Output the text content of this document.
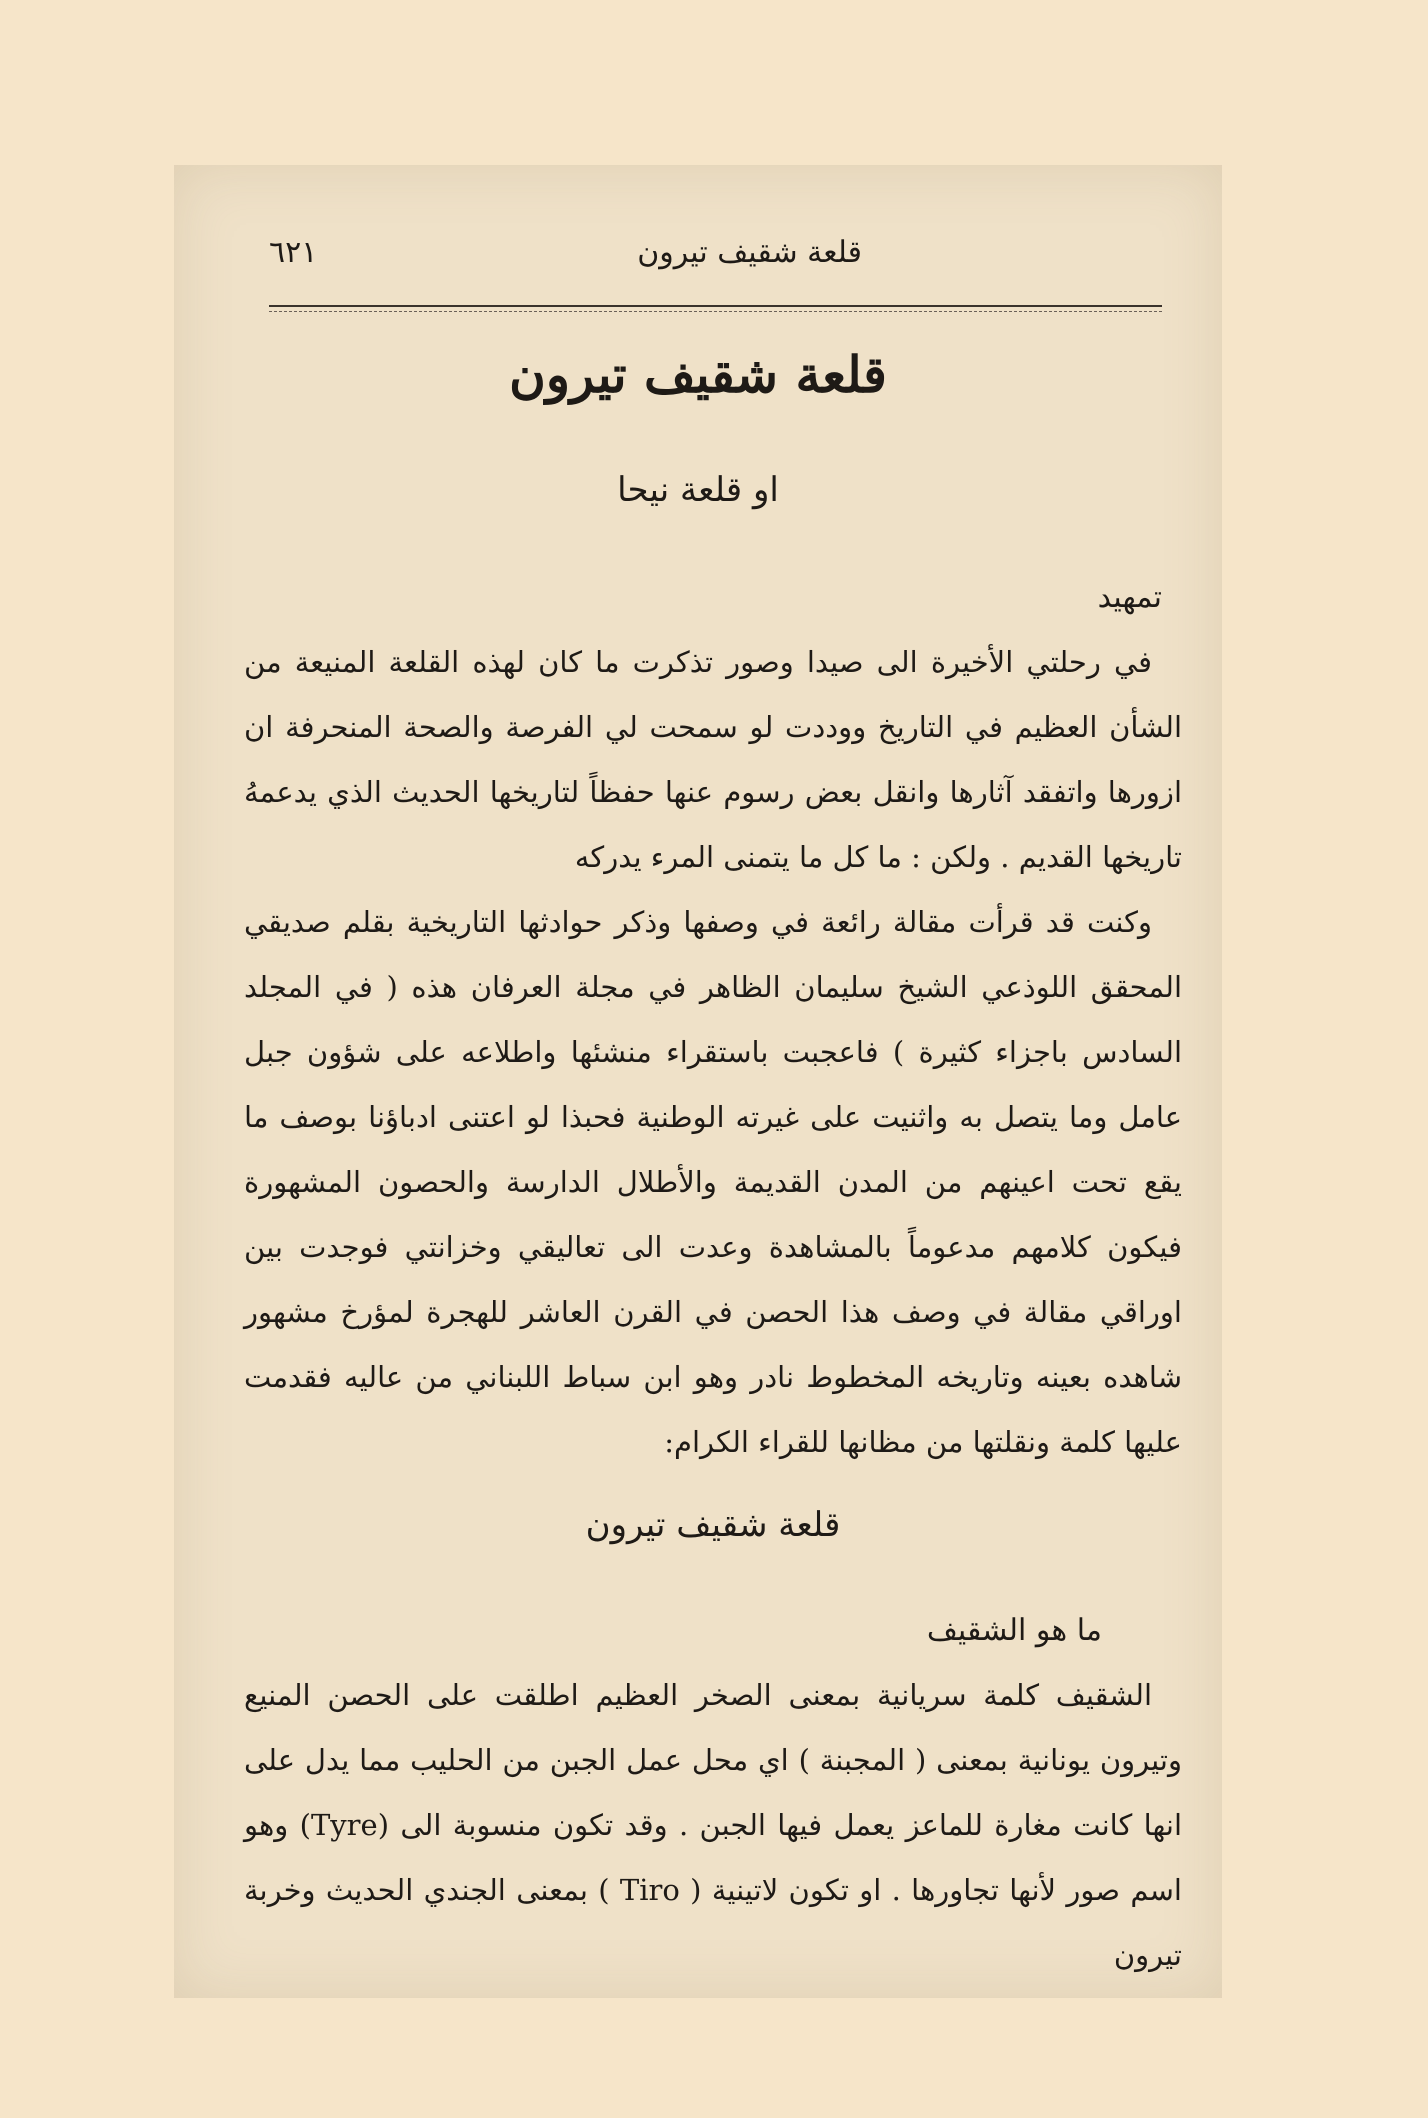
قلعة شقيف تيرون
٦٢١
قلعة شقيف تيرون
او قلعة نيحا

تمهيد

في رحلتي الأخيرة الى صيدا وصور تذكرت ما كان لهذه القلعة المنيعة من الشأن العظيم في التاريخ ووددت لو سمحت لي الفرصة والصحة المنحرفة ان ازورها واتفقد آثارها وانقل بعض رسوم عنها حفظاً لتاريخها الحديث الذي يدعمهُ تاريخها القديم . ولكن : ما كل ما يتمنى المرء يدركه

وكنت قد قرأت مقالة رائعة في وصفها وذكر حوادثها التاريخية بقلم صديقي المحقق اللوذعي الشيخ سليمان الظاهر في مجلة العرفان هذه ( في المجلد السادس باجزاء كثيرة ) فاعجبت باستقراء منشئها واطلاعه على شؤون جبل عامل وما يتصل به واثنيت على غيرته الوطنية فحبذا لو اعتنى ادباؤنا بوصف ما يقع تحت اعينهم من المدن القديمة والأطلال الدارسة والحصون المشهورة فيكون كلامهم مدعوماً بالمشاهدة وعدت الى تعاليقي وخزانتي فوجدت بين اوراقي مقالة في وصف هذا الحصن في القرن العاشر للهجرة لمؤرخ مشهور شاهده بعينه وتاريخه المخطوط نادر وهو ابن سباط اللبناني من عاليه فقدمت عليها كلمة ونقلتها من مظانها للقراء الكرام:

قلعة شقيف تيرون

ما هو الشقيف

الشقيف كلمة سريانية بمعنى الصخر العظيم اطلقت على الحصن المنيع وتيرون يونانية بمعنى ( المجبنة ) اي محل عمل الجبن من الحليب مما يدل على انها كانت مغارة للماعز يعمل فيها الجبن . وقد تكون منسوبة الى (Tyre) وهو اسم صور لأنها تجاورها . او تكون لاتينية ( Tiro ) بمعنى الجندي الحديث وخربة تيرون
